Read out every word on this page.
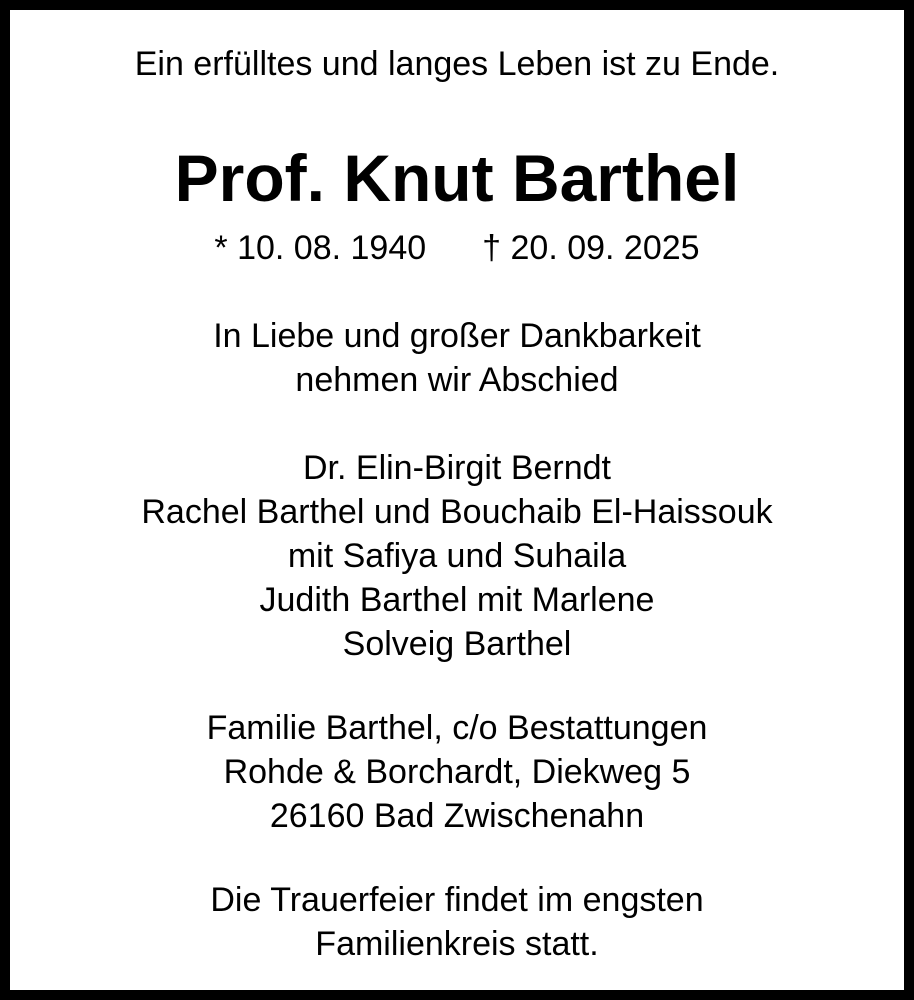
Ein erfülltes und langes Leben ist zu Ende.
Prof. Knut Barthel
* 10. 08. 1940 † 20. 09. 2025
In Liebe und großer Dankbarkeit
nehmen wir Abschied
Dr. Elin-Birgit Berndt
Rachel Barthel und Bouchaib El-Haissouk
mit Safiya und Suhaila
Judith Barthel mit Marlene
Solveig Barthel
Familie Barthel, c/o Bestattungen
Rohde & Borchardt, Diekweg 5
26160 Bad Zwischenahn
Die Trauerfeier findet im engsten
Familienkreis statt.
